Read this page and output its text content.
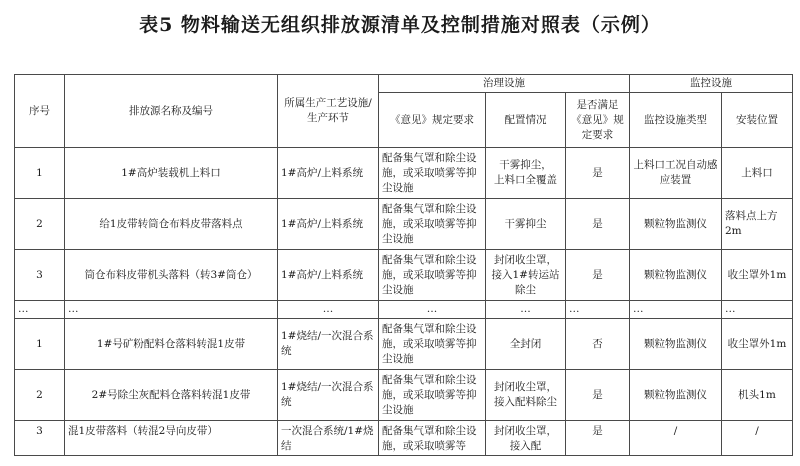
表5 物料输送无组织排放源清单及控制措施对照表（示例）
序号	排放源名称及编号	所属生产工艺设施/生产环节	治理设施			监控设施	
			《意见》规定要求	配置情况	是否满足《意见》规定要求	监控设施类型	安装位置
1	1#高炉装载机上料口	1#高炉/上料系统	配备集气罩和除尘设施，或采取喷雾等抑尘设施	干雾抑尘，
上料口全覆盖	是	上料口工况自动感应装置	上料口
2	给1皮带转筒仓布料皮带落料点	1#高炉/上料系统	配备集气罩和除尘设施，或采取喷雾等抑尘设施	干雾抑尘	是	颗粒物监测仪	落料点上方2m
3	筒仓布料皮带机头落料（转3#筒仓）	1#高炉/上料系统	配备集气罩和除尘设施，或采取喷雾等抑尘设施	封闭收尘罩，接入1#转运站除尘	是	颗粒物监测仪	收尘罩外1m
…	…	…	…	…	…	…	…
1	1#号矿粉配料仓落料转混1皮带	1#烧结/一次混合系统	配备集气罩和除尘设施，或采取喷雾等抑尘设施	全封闭	否	颗粒物监测仪	收尘罩外1m
2	2#号除尘灰配料仓落料转混1皮带	1#烧结/一次混合系统	配备集气罩和除尘设施，或采取喷雾等抑尘设施	封闭收尘罩，接入配料除尘	是	颗粒物监测仪	机头1m
3	混1皮带落料（转混2导向皮带）	一次混合系统/1#烧结	配备集气罩和除尘设施，或采取喷雾等	封闭收尘罩，接入配	是	/	/
